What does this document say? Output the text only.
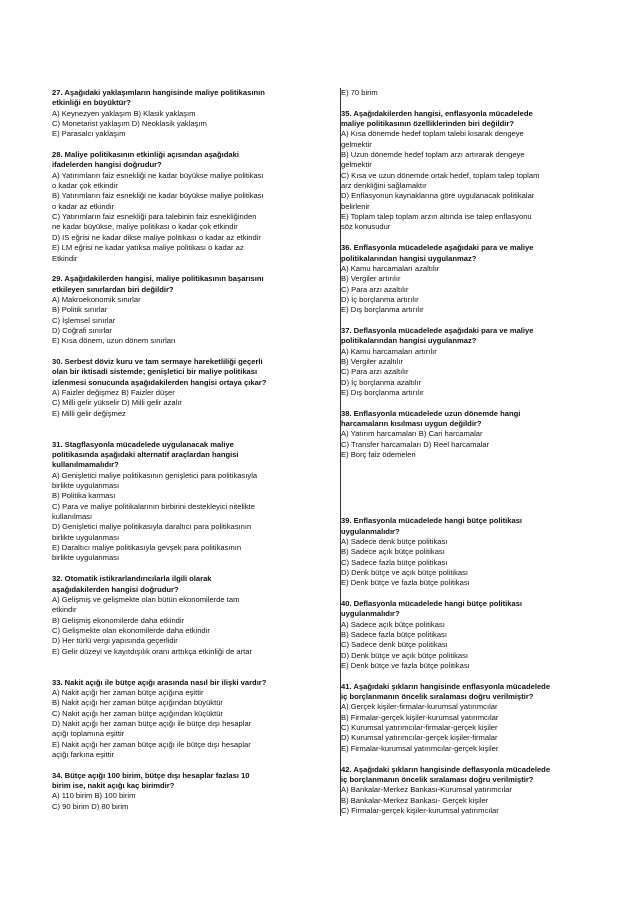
27. Aşağıdaki yaklaşımların hangisinde maliye politikasının
etkinliği en büyüktür?
A) Keynezyen yaklaşım B) Klasik yaklaşım
C) Monetarist yaklaşım D) Neoklasik yaklaşım
E) Parasalcı yaklaşım
28. Maliye politikasının etkinliği açısından aşağıdaki
ifadelerden hangisi doğrudur?
A) Yatırımların faiz esnekliği ne kadar büyükse maliye politikası
o kadar çok etkindir
B) Yatırımların faiz esnekliği ne kadar büyükse maliye politikası
o kadar az etkindir
C) Yatırımların faiz esnekliği para talebinin faiz esnekliğinden
ne kadar büyükse, maliye politikası o kadar çok etkindir
D) IS eğrisi ne kadar dikse maliye politikası o kadar az etkindir
E) LM eğrisi ne kadar yatıksa maliye politikası o kadar az
Etkindir
29. Aşağıdakilerden hangisi, maliye politikasının başarısını
etkileyen sınırlardan biri değildir?
A) Makroekonomik sınırlar
B) Politik sınırlar
C) İşlemsel sınırlar
D) Coğrafi sınırlar
E) Kısa dönem, uzun dönem sınırları
30. Serbest döviz kuru ve tam sermaye hareketliliği geçerli
olan bir iktisadi sistemde; genişletici bir maliye politikası
izlenmesi sonucunda aşağıdakilerden hangisi ortaya çıkar?
A) Faizler değişmez B) Faizler düşer
C) Milli gelir yükselir D) Milli gelir azalır
E) Milli gelir değişmez
31. Stagflasyonla mücadelede uygulanacak maliye
politikasında aşağıdaki alternatif araçlardan hangisi
kullanılmamalıdır?
A) Genişletici maliye politikasının genişletici para politikasıyla
birlikte uygulanması
B) Politika karması
C) Para ve maliye politikalarının birbirini destekleyici nitelikte
kullanılması
D) Genişletici maliye politikasıyla daraltıcı para politikasının
birlikte uygulanması
E) Daraltıcı maliye politikasıyla gevşek para politikasının
birlikte uygulanması
32. Otomatik istikrarlandırıcılarla ilgili olarak
aşağıdakilerden hangisi doğrudur?
A) Gelişmiş ve gelişmekte olan bütün ekonomilerde tam
etkindir
B) Gelişmiş ekonomilerde daha etkindir
C) Gelişmekte olan ekonomilerde daha etkindir
D) Her türlü vergi yapısında geçerlidir
E) Gelir düzeyi ve kayıtdışılık oranı arttıkça etkinliği de artar
33. Nakit açığı ile bütçe açığı arasında nasıl bir ilişki vardır?
A) Nakit açığı her zaman bütçe açığına eşittir
B) Nakit açığı her zaman bütçe açığından büyüktür
C) Nakit açığı her zaman bütçe açığından küçüktür
D) Nakit açığı her zaman bütçe açığı ile bütçe dışı hesaplar
açığı toplamına eşittir
E) Nakit açığı her zaman bütçe açığı ile bütçe dışı hesaplar
açığı farkına eşittir
34. Bütçe açığı 100 birim, bütçe dışı hesaplar fazlası 10
birim ise, nakit açığı kaç birimdir?
A) 110 birim B) 100 birim
C) 90 birim D) 80 birim
E) 70 birim
35. Aşağıdakilerden hangisi, enflasyonla mücadelede
maliye politikasının özelliklerinden biri değildir?
A) Kısa dönemde hedef toplam talebi kısarak dengeye
gelmektir
B) Uzun dönemde hedef toplam arzı artırarak dengeye
gelmektir
C) Kısa ve uzun dönemde ortak hedef, toplam talep toplam
arz denkliğini sağlamaktır
D) Enflasyonun kaynaklarına göre uygulanacak politikalar
belirlenir
E) Toplam talep toplam arzın altında ise talep enflasyonu
söz konusudur
36. Enflasyonla mücadelede aşağıdaki para ve maliye
politikalarından hangisi uygulanmaz?
A) Kamu harcamaları azaltılır
B) Vergiler artırılır
C) Para arzı azaltılır
D) İç borçlanma artırılır
E) Dış borçlanma artırılır
37. Deflasyonla mücadelede aşağıdaki para ve maliye
politikalarından hangisi uygulanmaz?
A) Kamu harcamaları artırılır
B) Vergiler azaltılır
C) Para arzı azaltılır
D) İç borçlanma azaltılır
E) Dış borçlanma artırılır
38. Enflasyonla mücadelede uzun dönemde hangi
harcamaların kısılması uygun değildir?
A) Yatırım harcamaları B) Cari harcamalar
C) Transfer harcamaları D) Reel harcamalar
E) Borç faiz ödemeleri
39. Enflasyonla mücadelede hangi bütçe politikası
uygulanmalıdır?
A) Sadece denk bütçe politikası
B) Sadece açık bütçe politikası
C) Sadece fazla bütçe politikası
D) Denk bütçe ve açık bütçe politikası
E) Denk bütçe ve fazla bütçe politikası
40. Deflasyonla mücadelede hangi bütçe politikası
uygulanmalıdır?
A) Sadece açık bütçe politikası
B) Sadece fazla bütçe politikası
C) Sadece denk bütçe politikası
D) Denk bütçe ve açık bütçe politikası
E) Denk bütçe ve fazla bütçe politikası
41. Aşağıdaki şıkların hangisinde enflasyonla mücadelede
iç borçlanmanın öncelik sıralaması doğru verilmiştir?
A) Gerçek kişiler-firmalar-kurumsal yatırımcılar
B) Firmalar-gerçek kişiler-kurumsal yatırımcılar
C) Kurumsal yatırımcılar-firmalar-gerçek kişiler
D) Kurumsal yatırımcılar-gerçek kişiler-firmalar
E) Firmalar-kurumsal yatırımcılar-gerçek kişiler
42. Aşağıdaki şıkların hangisinde deflasyonla mücadelede
iç borçlanmanın öncelik sıralaması doğru verilmiştir?
A) Bankalar-Merkez Bankası-Kurumsal yatırımcılar
B) Bankalar-Merkez Bankası- Gerçek kişiler
C) Firmalar-gerçek kişiler-kurumsal yatırımcılar
